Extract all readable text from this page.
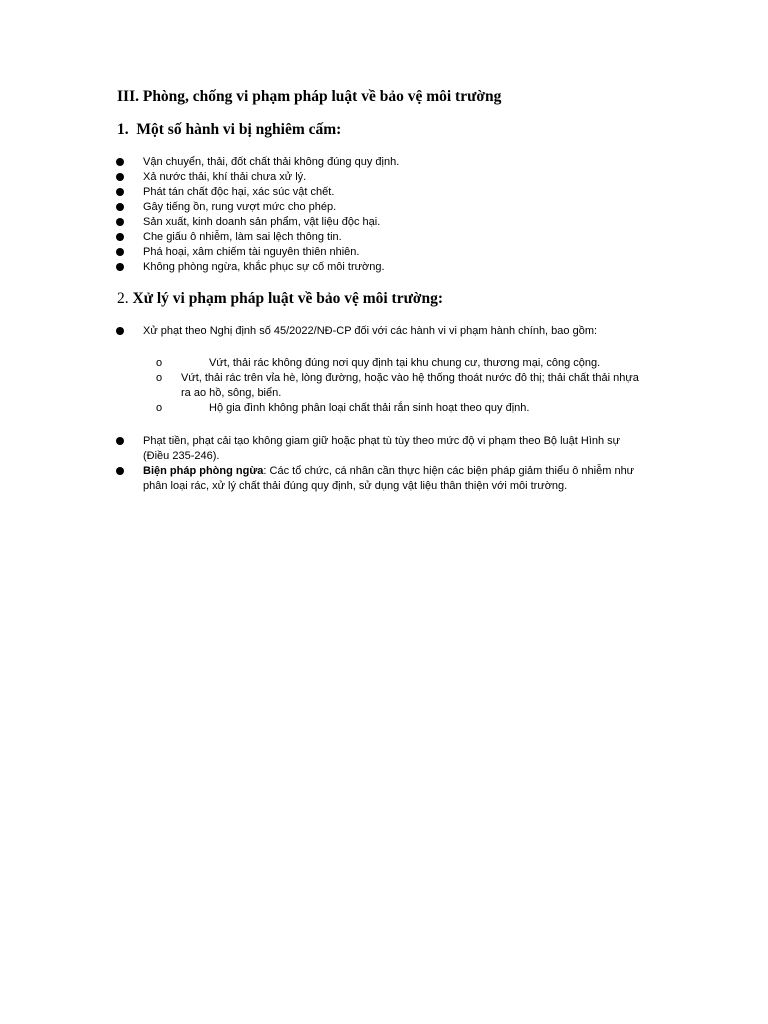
III. Phòng, chống vi phạm pháp luật về bảo vệ môi trường
1. Một số hành vi bị nghiêm cấm:
Vận chuyển, thải, đốt chất thải không đúng quy định.
Xả nước thải, khí thải chưa xử lý.
Phát tán chất độc hại, xác súc vật chết.
Gây tiếng ồn, rung vượt mức cho phép.
Sản xuất, kinh doanh sản phẩm, vật liệu độc hại.
Che giấu ô nhiễm, làm sai lệch thông tin.
Phá hoại, xâm chiếm tài nguyên thiên nhiên.
Không phòng ngừa, khắc phục sự cố môi trường.
2. Xử lý vi phạm pháp luật về bảo vệ môi trường:
Xử phạt theo Nghị định số 45/2022/NĐ-CP đối với các hành vi vi phạm hành chính, bao gồm:
o	Vứt, thải rác không đúng nơi quy định tại khu chung cư, thương mại, công cộng.
o Vứt, thải rác trên vỉa hè, lòng đường, hoặc vào hệ thống thoát nước đô thị; thải chất thải nhựa ra ao hồ, sông, biển.
o	Hộ gia đình không phân loại chất thải rắn sinh hoạt theo quy định.
Phạt tiền, phạt cải tạo không giam giữ hoặc phạt tù tùy theo mức độ vi phạm theo Bộ luật Hình sự (Điều 235-246).
Biện pháp phòng ngừa: Các tổ chức, cá nhân cần thực hiện các biện pháp giảm thiểu ô nhiễm như phân loại rác, xử lý chất thải đúng quy định, sử dụng vật liệu thân thiện với môi trường.
